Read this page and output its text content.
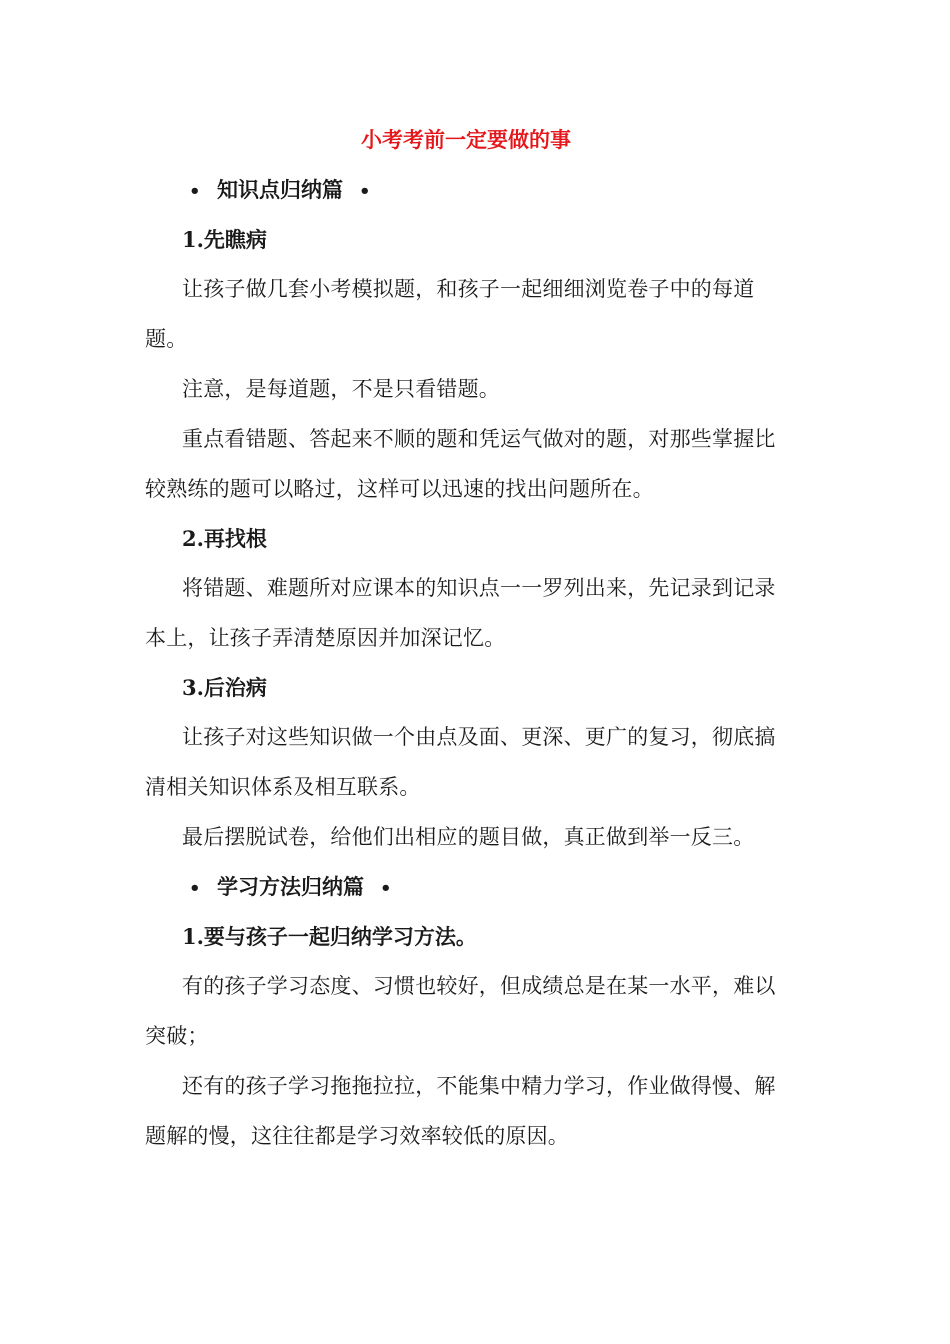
小考考前一定要做的事
• 知识点归纳篇 •
1.先瞧病

让孩子做几套小考模拟题，和孩子一起细细浏览卷子中的每道题。

注意，是每道题，不是只看错题。

重点看错题、答起来不顺的题和凭运气做对的题，对那些掌握比较熟练的题可以略过，这样可以迅速的找出问题所在。

2.再找根

将错题、难题所对应课本的知识点一一罗列出来，先记录到记录本上，让孩子弄清楚原因并加深记忆。

3.后治病

让孩子对这些知识做一个由点及面、更深、更广的复习，彻底搞清相关知识体系及相互联系。

最后摆脱试卷，给他们出相应的题目做，真正做到举一反三。

• 学习方法归纳篇 •
1.要与孩子一起归纳学习方法。

有的孩子学习态度、习惯也较好，但成绩总是在某一水平，难以突破；

还有的孩子学习拖拖拉拉，不能集中精力学习，作业做得慢、解题解的慢，这往往都是学习效率较低的原因。
